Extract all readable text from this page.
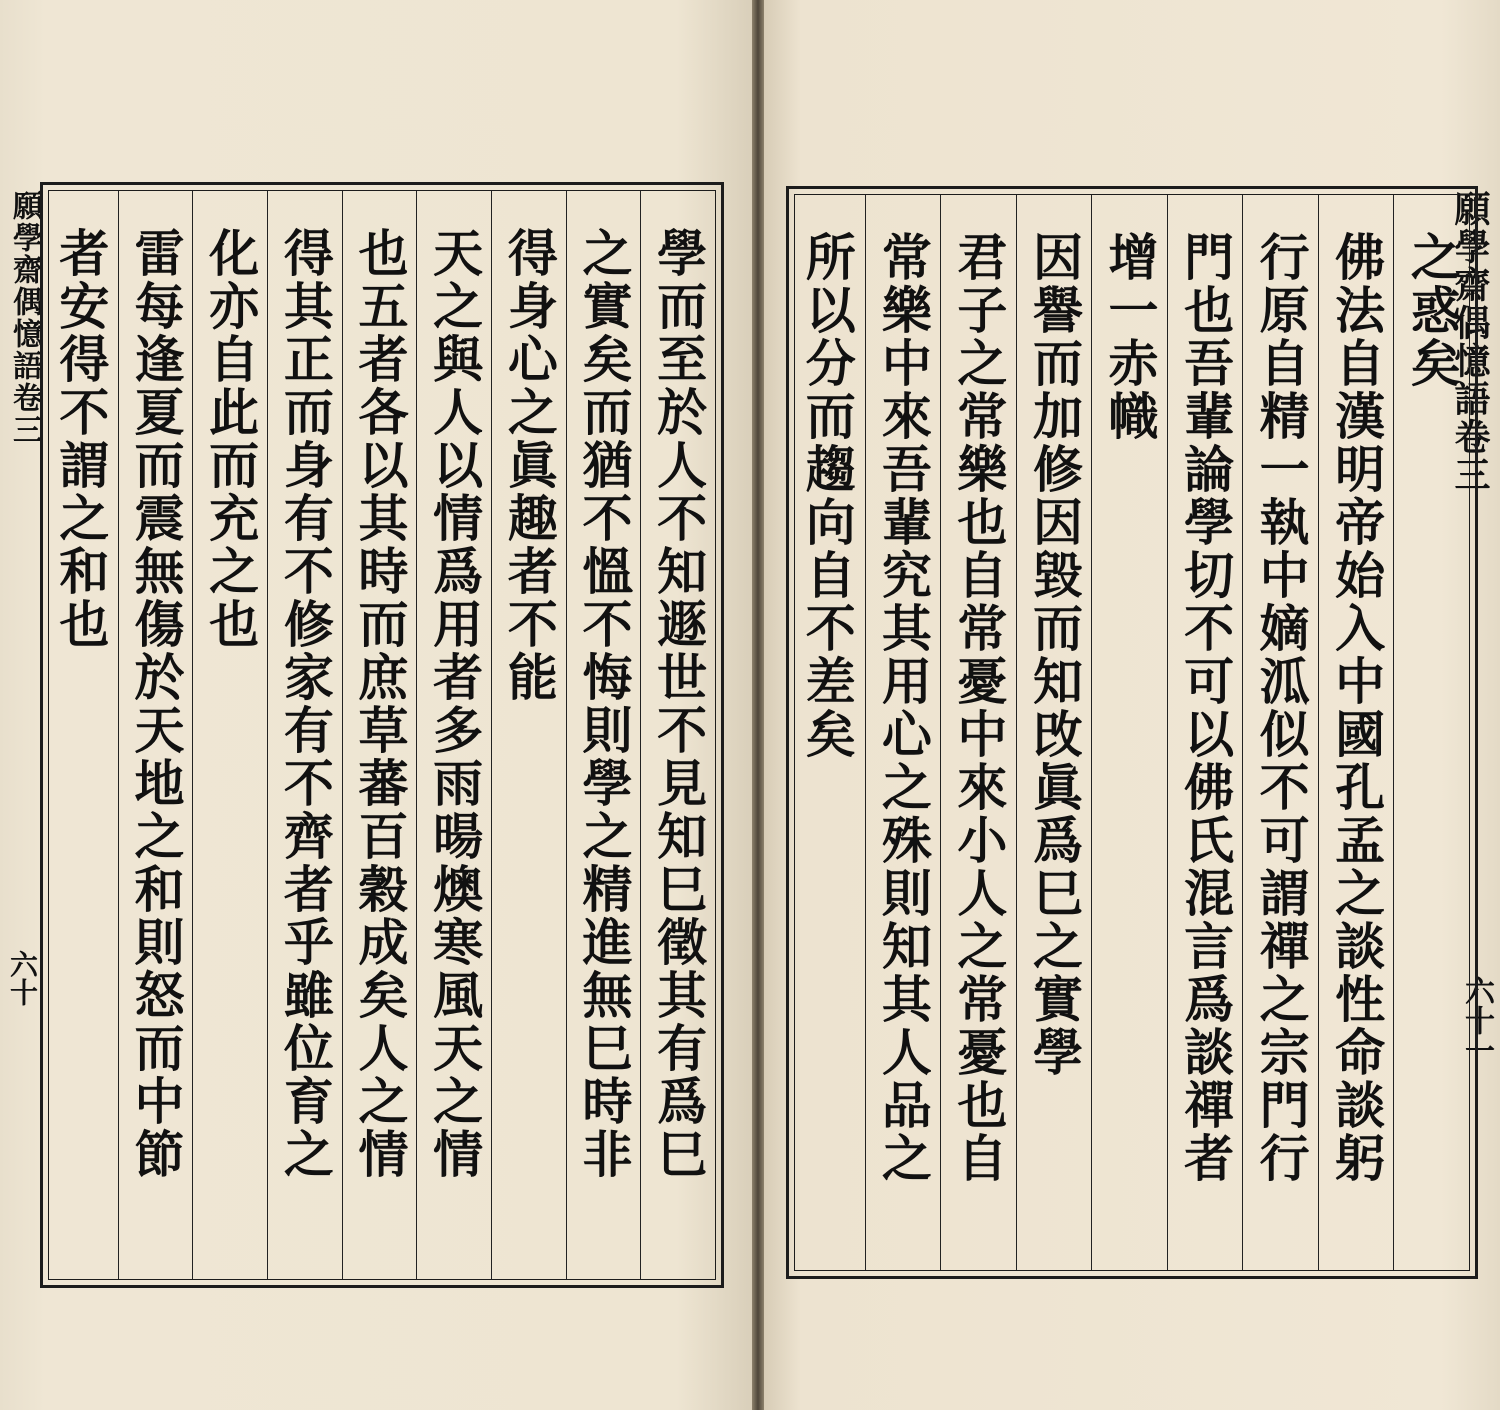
願學齋偶憶語卷三
六十	學而至於人不知遯世不見知巳徵其有爲巳
之實矣而猶不慍不悔則學之精進無巳時非
得身心之眞趣者不能
天之與人以情爲用者多雨暘燠寒風天之情
也五者各以其時而庶草蕃百穀成矣人之情
得其正而身有不修家有不齊者乎雖位育之
化亦自此而充之也
雷每逢夏而震無傷於天地之和則怒而中節
者安得不謂之和也	願學齋偶憶語卷三
六十一
之惑矣
佛法自漢明帝始入中國孔孟之談性命談躬
行原自精一執中嫡泒似不可謂禪之宗門行
門也吾輩論學切不可以佛氏混言爲談禪者
增一赤幟
因譽而加修因毀而知攺眞爲巳之實學
君子之常樂也自常憂中來小人之常憂也自
常樂中來吾輩究其用心之殊則知其人品之
所以分而趨向自不差矣
